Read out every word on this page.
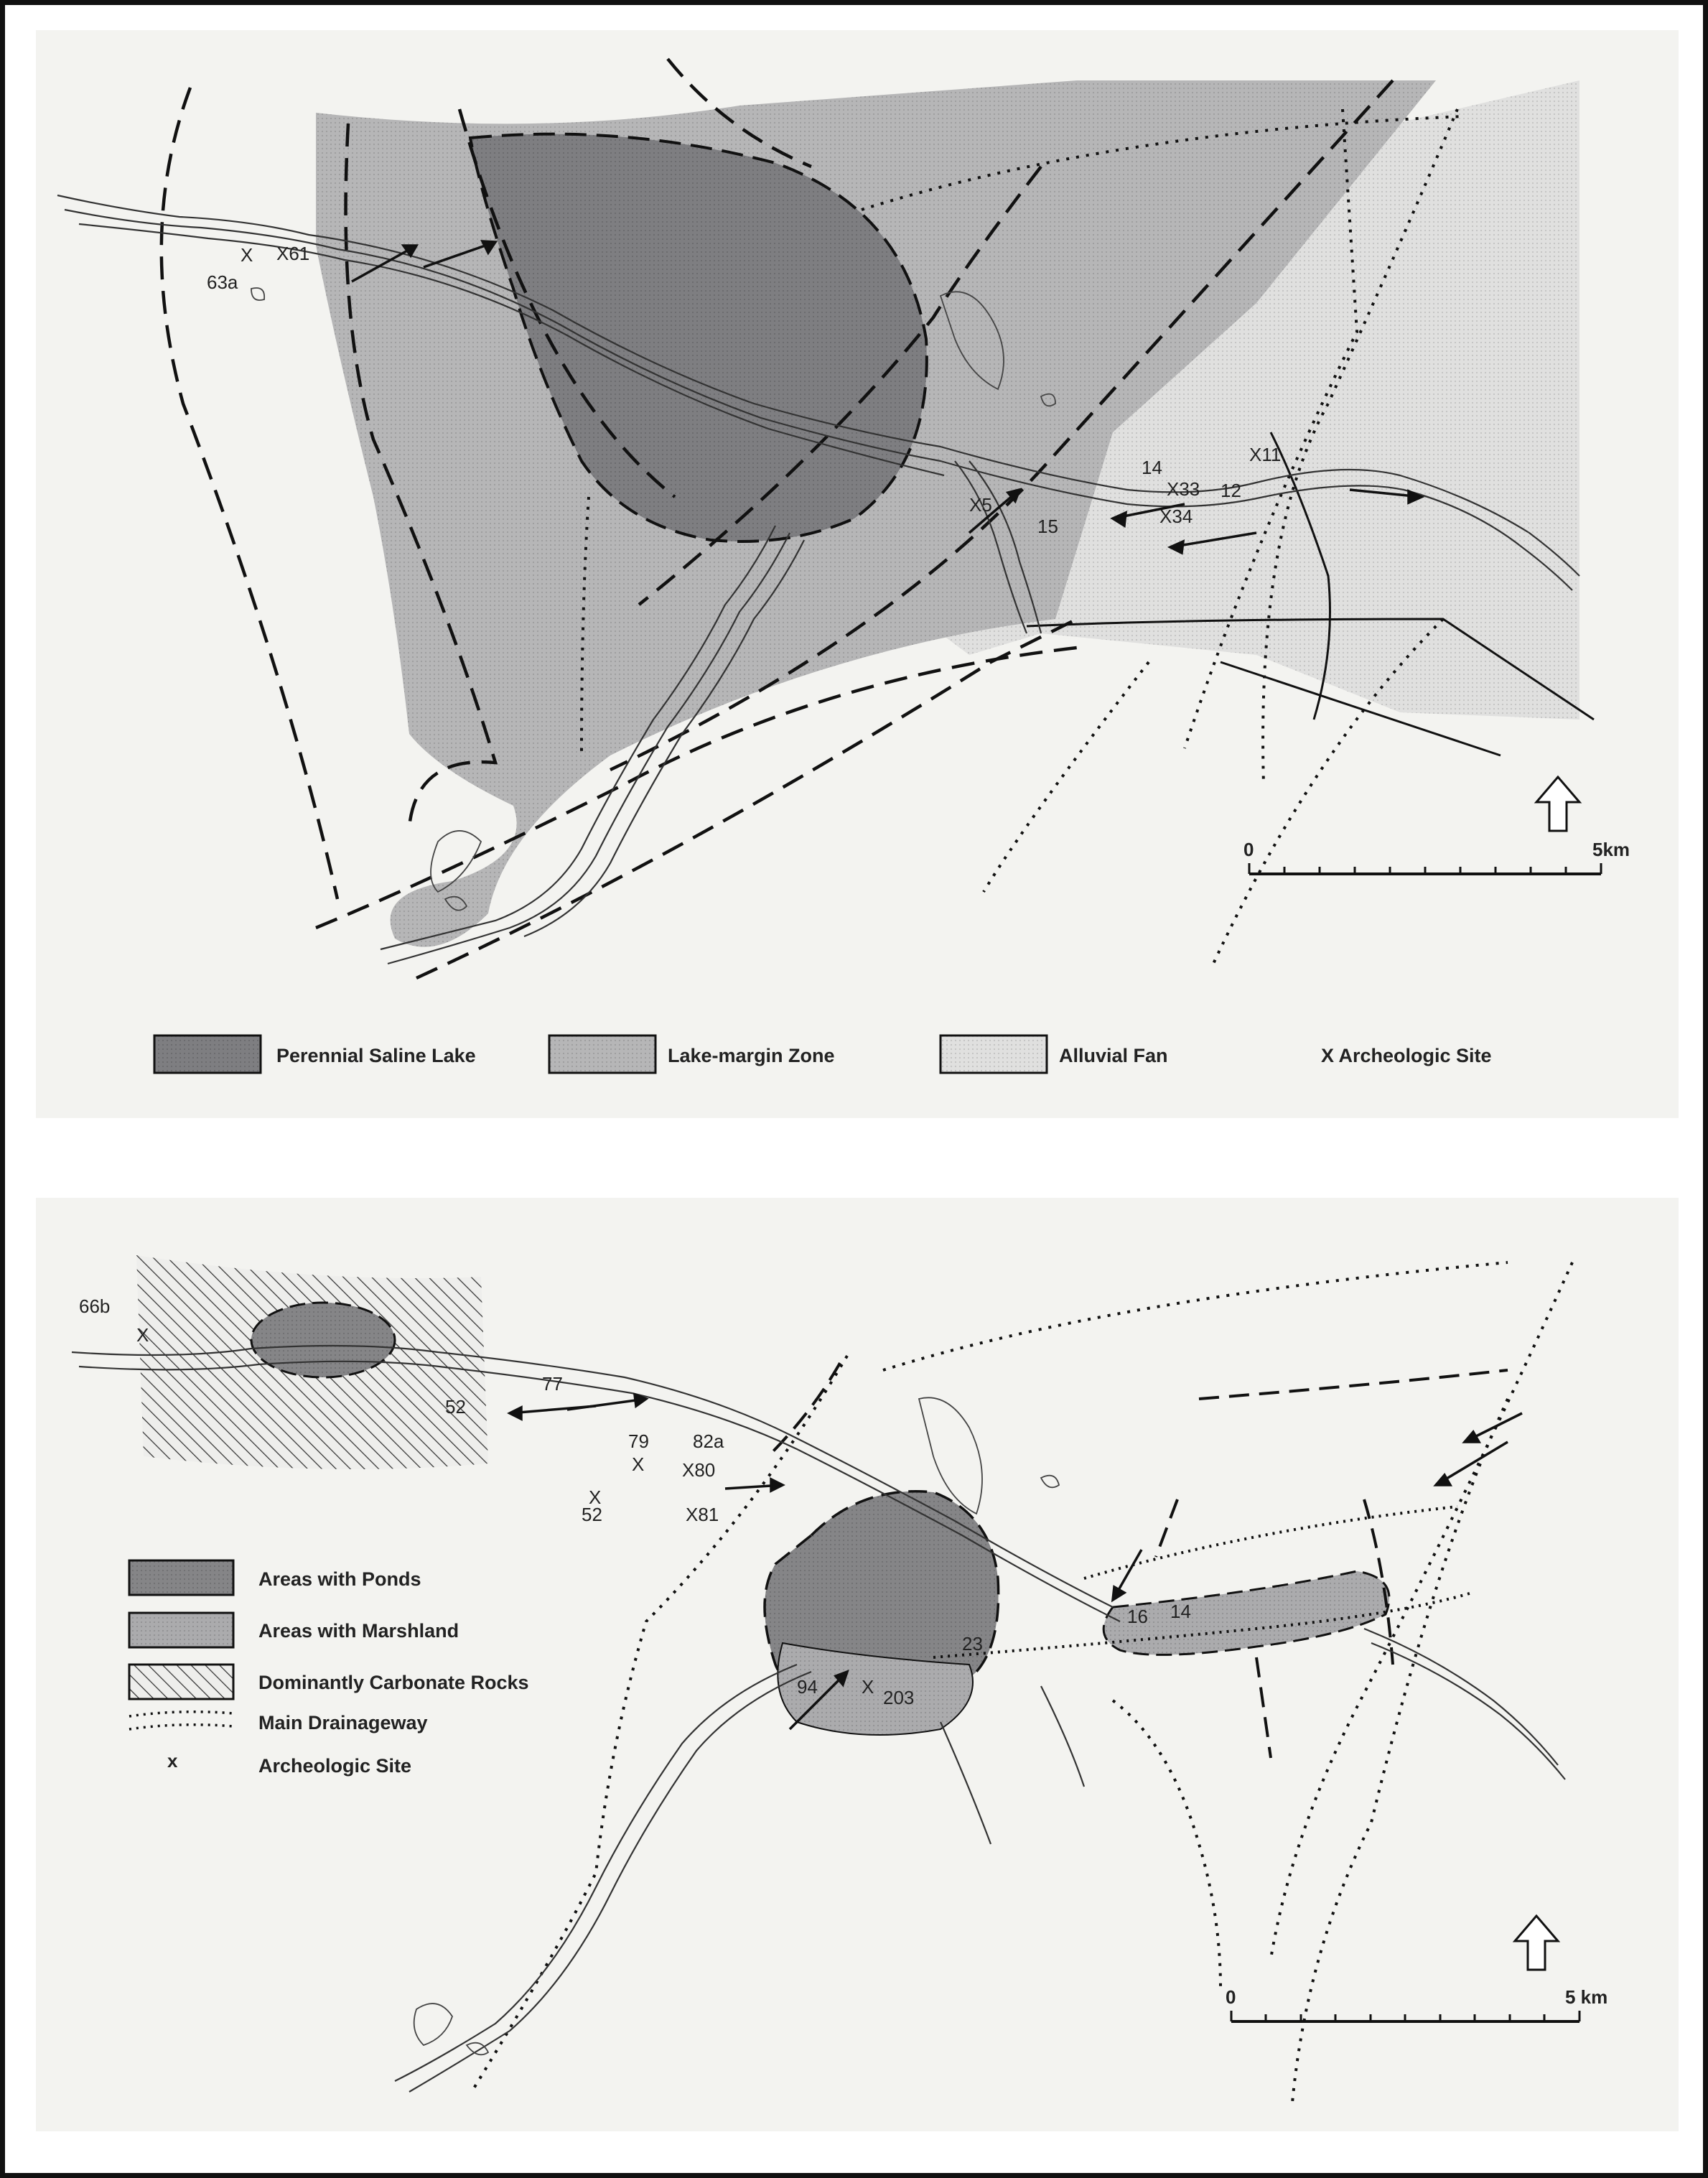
X61
X
63a
14
X33
X11
12
X34
X5
15
0	5km
Perennial Saline Lake	Lake-margin Zone	Alluvial Fan	X Archeologic Site
66b
X
77
79 82a
X X80
X
52	X81
52
94 X 203
23
16 14
Areas with Ponds
Areas with Marshland
Dominantly Carbonate Rocks
Main Drainageway
x	Archeologic Site
0	5 km
